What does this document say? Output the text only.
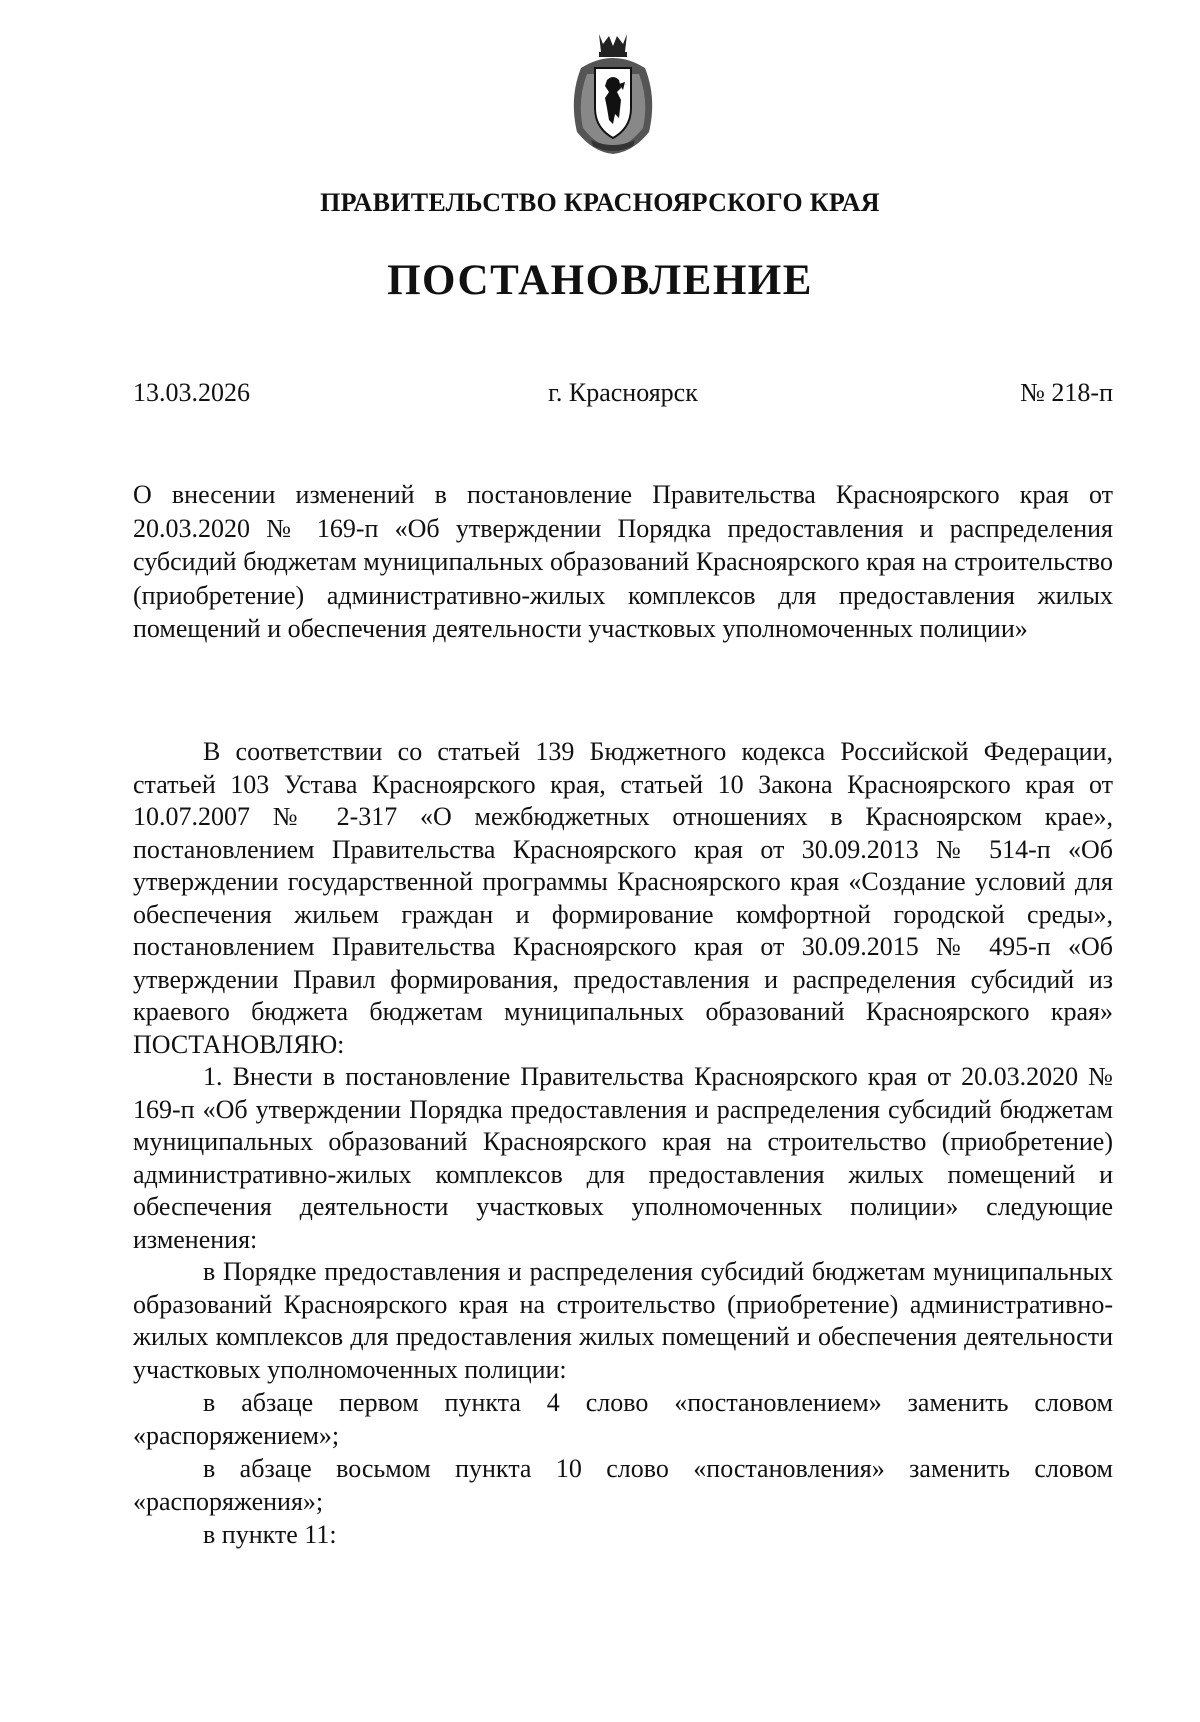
ПРАВИТЕЛЬСТВО КРАСНОЯРСКОГО КРАЯ
ПОСТАНОВЛЕНИЕ
13.03.2026	г. Красноярск	№ 218-п
О внесении изменений в постановление Правительства Красноярского края от 20.03.2020 № 169-п «Об утверждении Порядка предоставления и распределения субсидий бюджетам муниципальных образований Красноярского края на строительство (приобретение) административно-жилых комплексов для предоставления жилых помещений и обеспечения деятельности участковых уполномоченных полиции»

В соответствии со статьей 139 Бюджетного кодекса Российской Федерации, статьей 103 Устава Красноярского края, статьей 10 Закона Красноярского края от 10.07.2007 № 2-317 «О межбюджетных отношениях в Красноярском крае», постановлением Правительства Красноярского края от 30.09.2013 № 514-п «Об утверждении государственной программы Красноярского края «Создание условий для обеспечения жильем граждан и формирование комфортной городской среды», постановлением Правительства Красноярского края от 30.09.2015 № 495-п «Об утверждении Правил формирования, предоставления и распределения субсидий из краевого бюджета бюджетам муниципальных образований Красноярского края» ПОСТАНОВЛЯЮ:

1. Внести в постановление Правительства Красноярского края от 20.03.2020 № 169-п «Об утверждении Порядка предоставления и распределения субсидий бюджетам муниципальных образований Красноярского края на строительство (приобретение) административно-жилых комплексов для предоставления жилых помещений и обеспечения деятельности участковых уполномоченных полиции» следующие изменения:

в Порядке предоставления и распределения субсидий бюджетам муниципальных образований Красноярского края на строительство (приобретение) административно-жилых комплексов для предоставления жилых помещений и обеспечения деятельности участковых уполномоченных полиции:

в абзаце первом пункта 4 слово «постановлением» заменить словом «распоряжением»;

в абзаце восьмом пункта 10 слово «постановления» заменить словом «распоряжения»;

в пункте 11:
